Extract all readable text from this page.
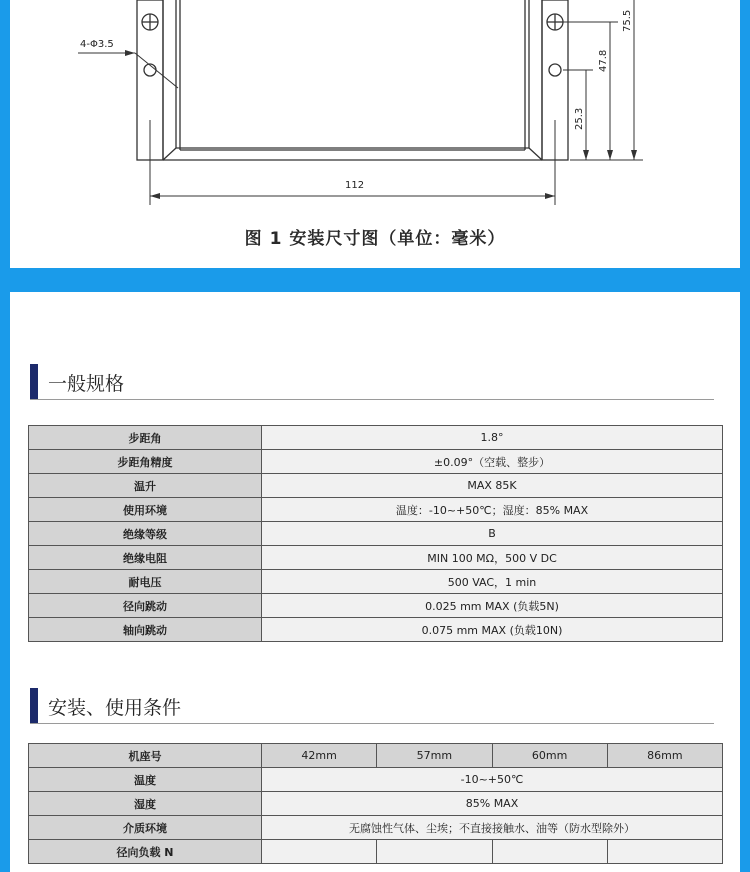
4-Φ3.5
112
25.3
47.8
75.5
图 1 安装尺寸图（单位：毫米）
一般规格
步距角	1.8°
步距角精度	±0.09°（空载、整步）
温升	MAX 85K
使用环境	温度：-10~+50℃；湿度：85% MAX
绝缘等级	B
绝缘电阻	MIN 100 MΩ，500 V DC
耐电压	500 VAC，1 min
径向跳动	0.025 mm MAX (负载5N)
轴向跳动	0.075 mm MAX (负载10N)
安装、使用条件
机座号	42mm	57mm	60mm	86mm
温度	-10~+50℃			
湿度	85% MAX			
介质环境	无腐蚀性气体、尘埃；不直接接触水、油等（防水型除外）			
径向负载 N				
